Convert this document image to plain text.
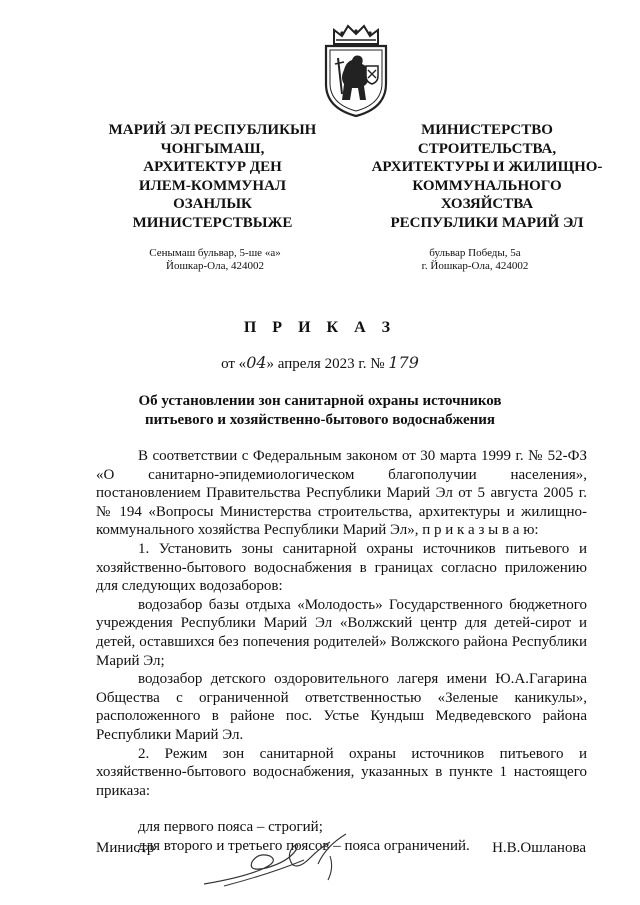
МАРИЙ ЭЛ РЕСПУБЛИКЫН
ЧОНГЫМАШ,
АРХИТЕКТУР ДЕН
ИЛЕМ-КОММУНАЛ
ОЗАНЛЫК
МИНИСТЕРСТВЫЖЕ
МИНИСТЕРСТВО
СТРОИТЕЛЬСТВА,
АРХИТЕКТУРЫ И ЖИЛИЩНО-
КОММУНАЛЬНОГО
ХОЗЯЙСТВА
РЕСПУБЛИКИ МАРИЙ ЭЛ
Сенымаш бульвар, 5-ше «а»
Йошкар-Ола, 424002
бульвар Победы, 5а
г. Йошкар-Ола, 424002
П Р И К А З
от «04» апреля 2023 г. № 179
Об установлении зон санитарной охраны источников
питьевого и хозяйственно-бытового водоснабжения

В соответствии с Федеральным законом от 30 марта 1999 г. № 52-ФЗ «О санитарно-эпидемиологическом благополучии населения», постановлением Правительства Республики Марий Эл от 5 августа 2005 г. № 194 «Вопросы Министерства строительства, архитектуры и жилищно-коммунального хозяйства Республики Марий Эл», п р и к а з ы в а ю:

1. Установить зоны санитарной охраны источников питьевого и хозяйственно-бытового водоснабжения в границах согласно приложению для следующих водозаборов:

водозабор базы отдыха «Молодость» Государственного бюджетного учреждения Республики Марий Эл «Волжский центр для детей-сирот и детей, оставшихся без попечения родителей» Волжского района Республики Марий Эл;

водозабор детского оздоровительного лагеря имени Ю.А.Гагарина Общества с ограниченной ответственностью «Зеленые каникулы», расположенного в районе пос. Устье Кундыш Медведевского района Республики Марий Эл.

2. Режим зон санитарной охраны источников питьевого и хозяйственно-бытового водоснабжения, указанных в пункте 1 настоящего приказа:

для первого пояса – строгий;

для второго и третьего поясов – пояса ограничений.

Министр	Н.В.Ошланова
